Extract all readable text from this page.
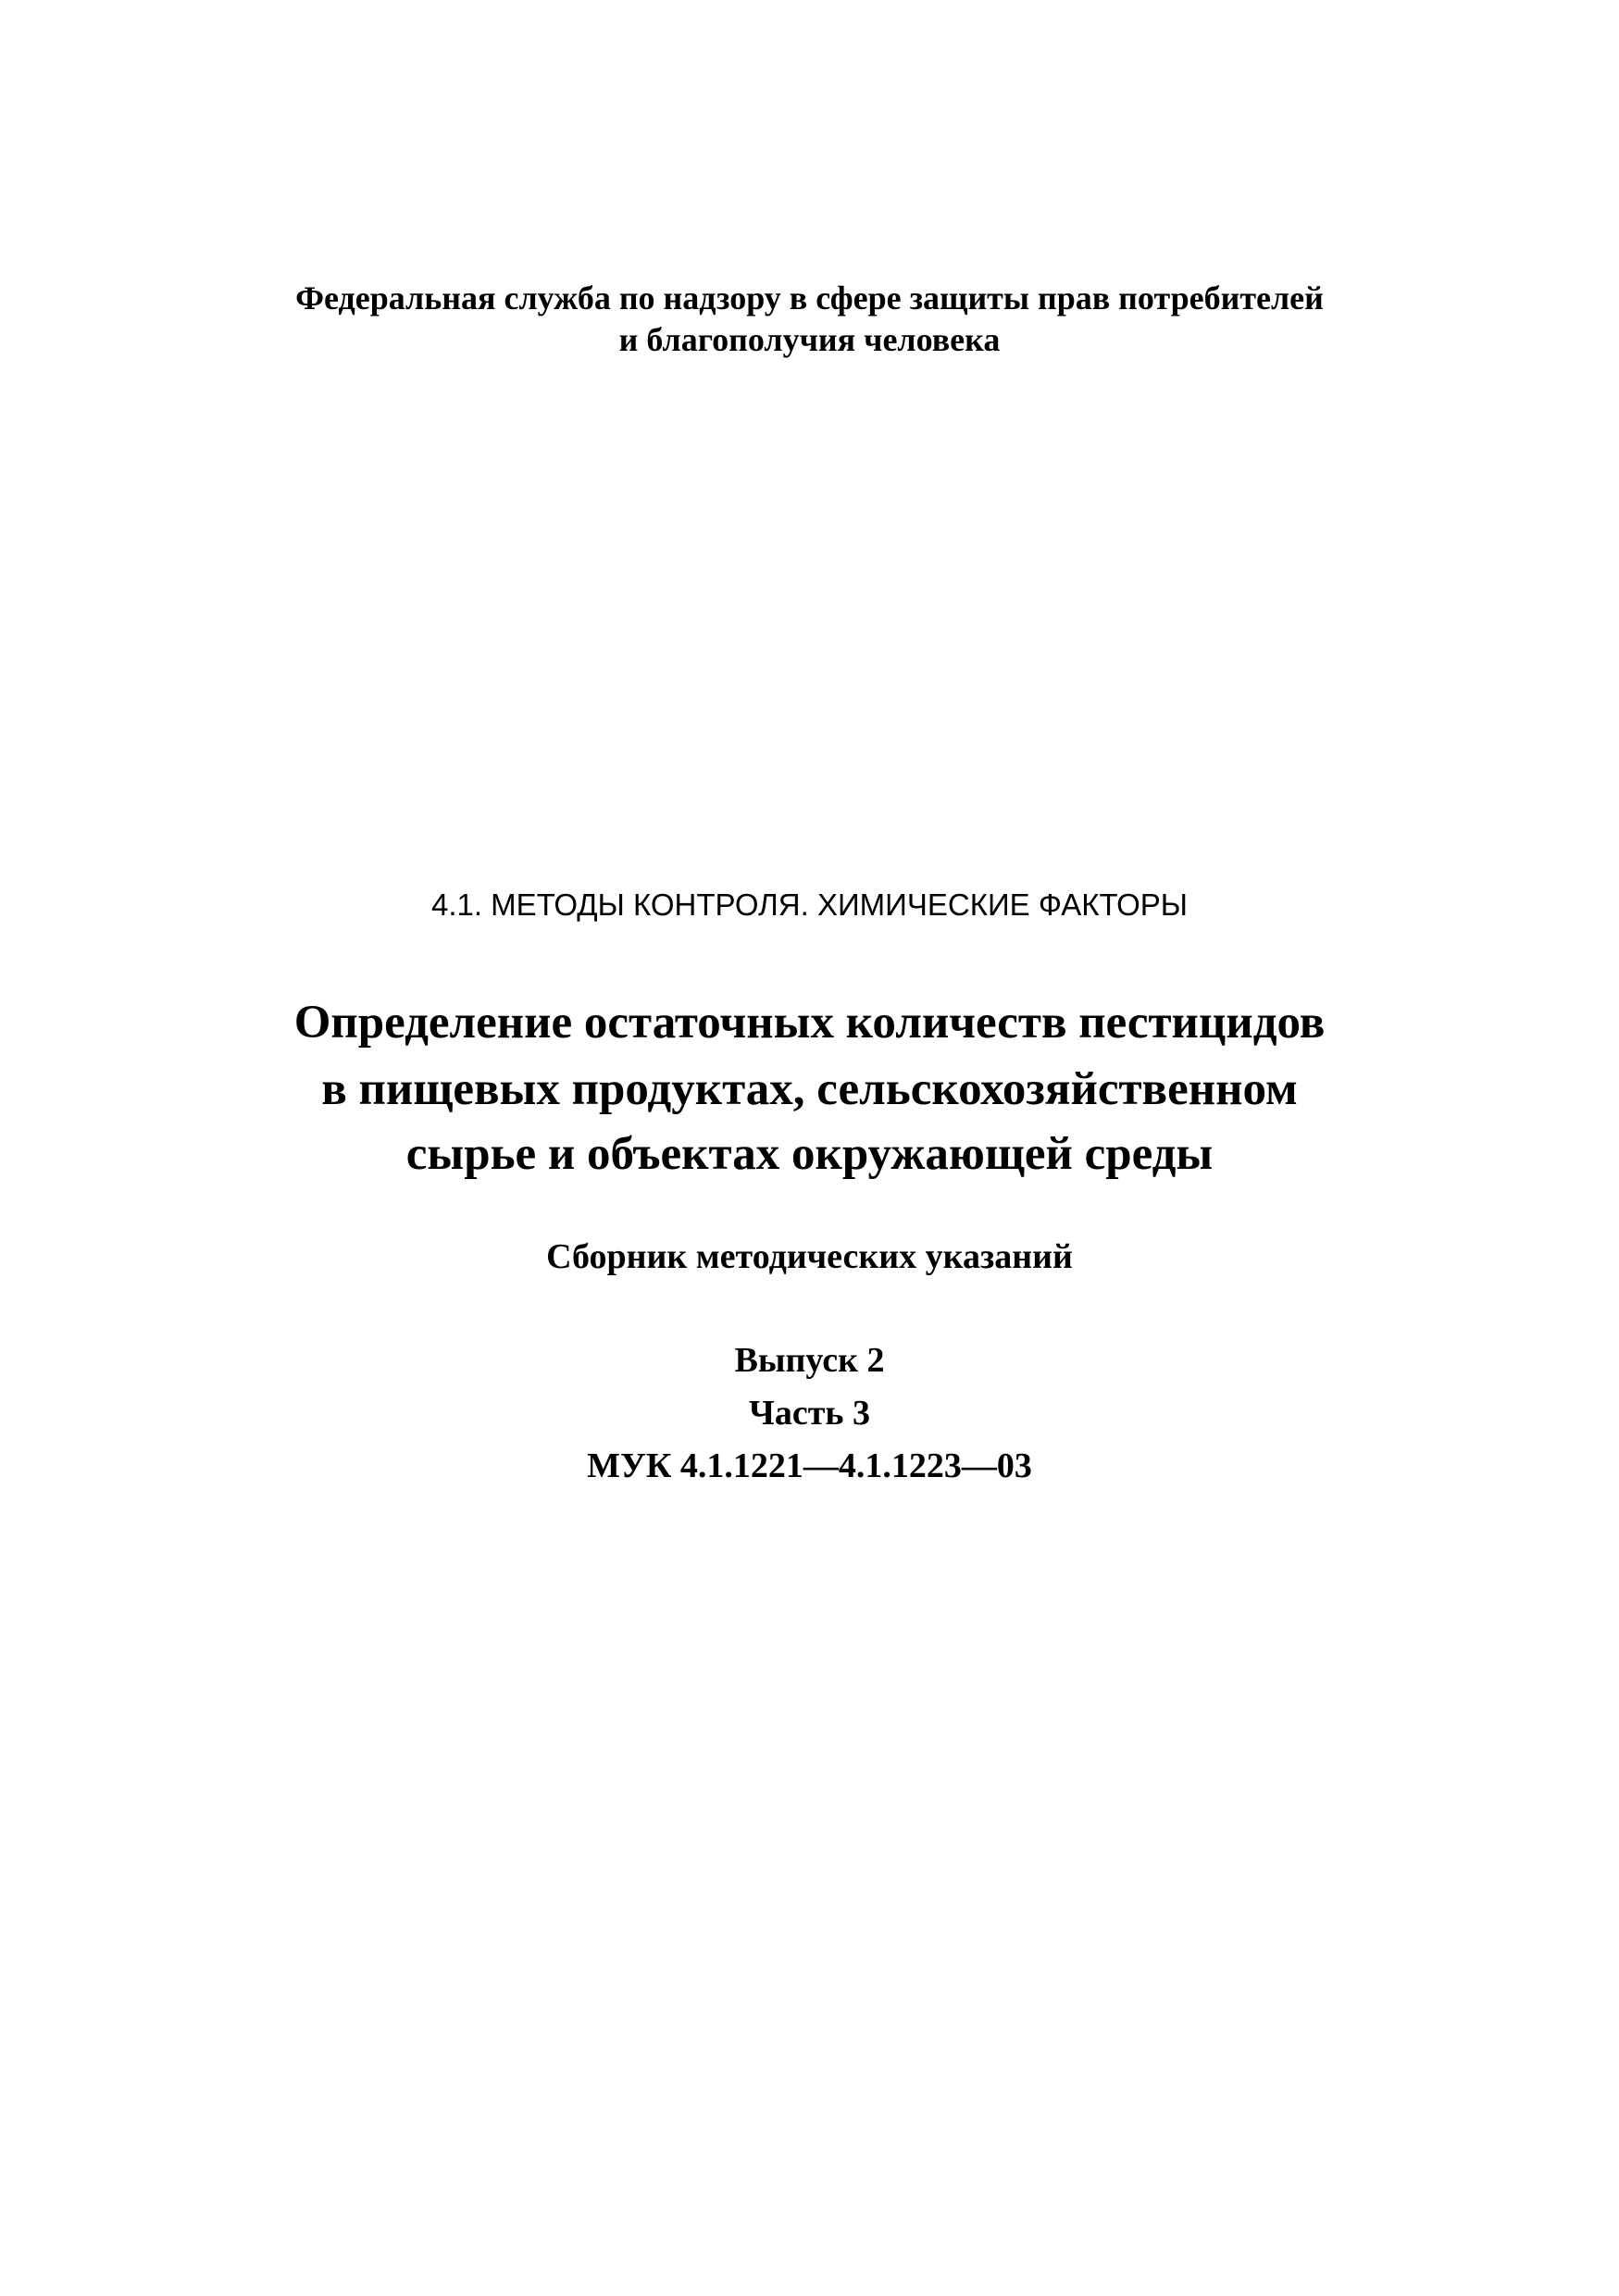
Федеральная служба по надзору в сфере защиты прав потребителей

и благополучия человека

4.1. МЕТОДЫ КОНТРОЛЯ. ХИМИЧЕСКИЕ ФАКТОРЫ

Определение остаточных количеств пестицидов

в пищевых продуктах, сельскохозяйственном

сырье и объектах окружающей среды

Сборник методических указаний

Выпуск 2

Часть 3

МУК 4.1.1221—4.1.1223—03
